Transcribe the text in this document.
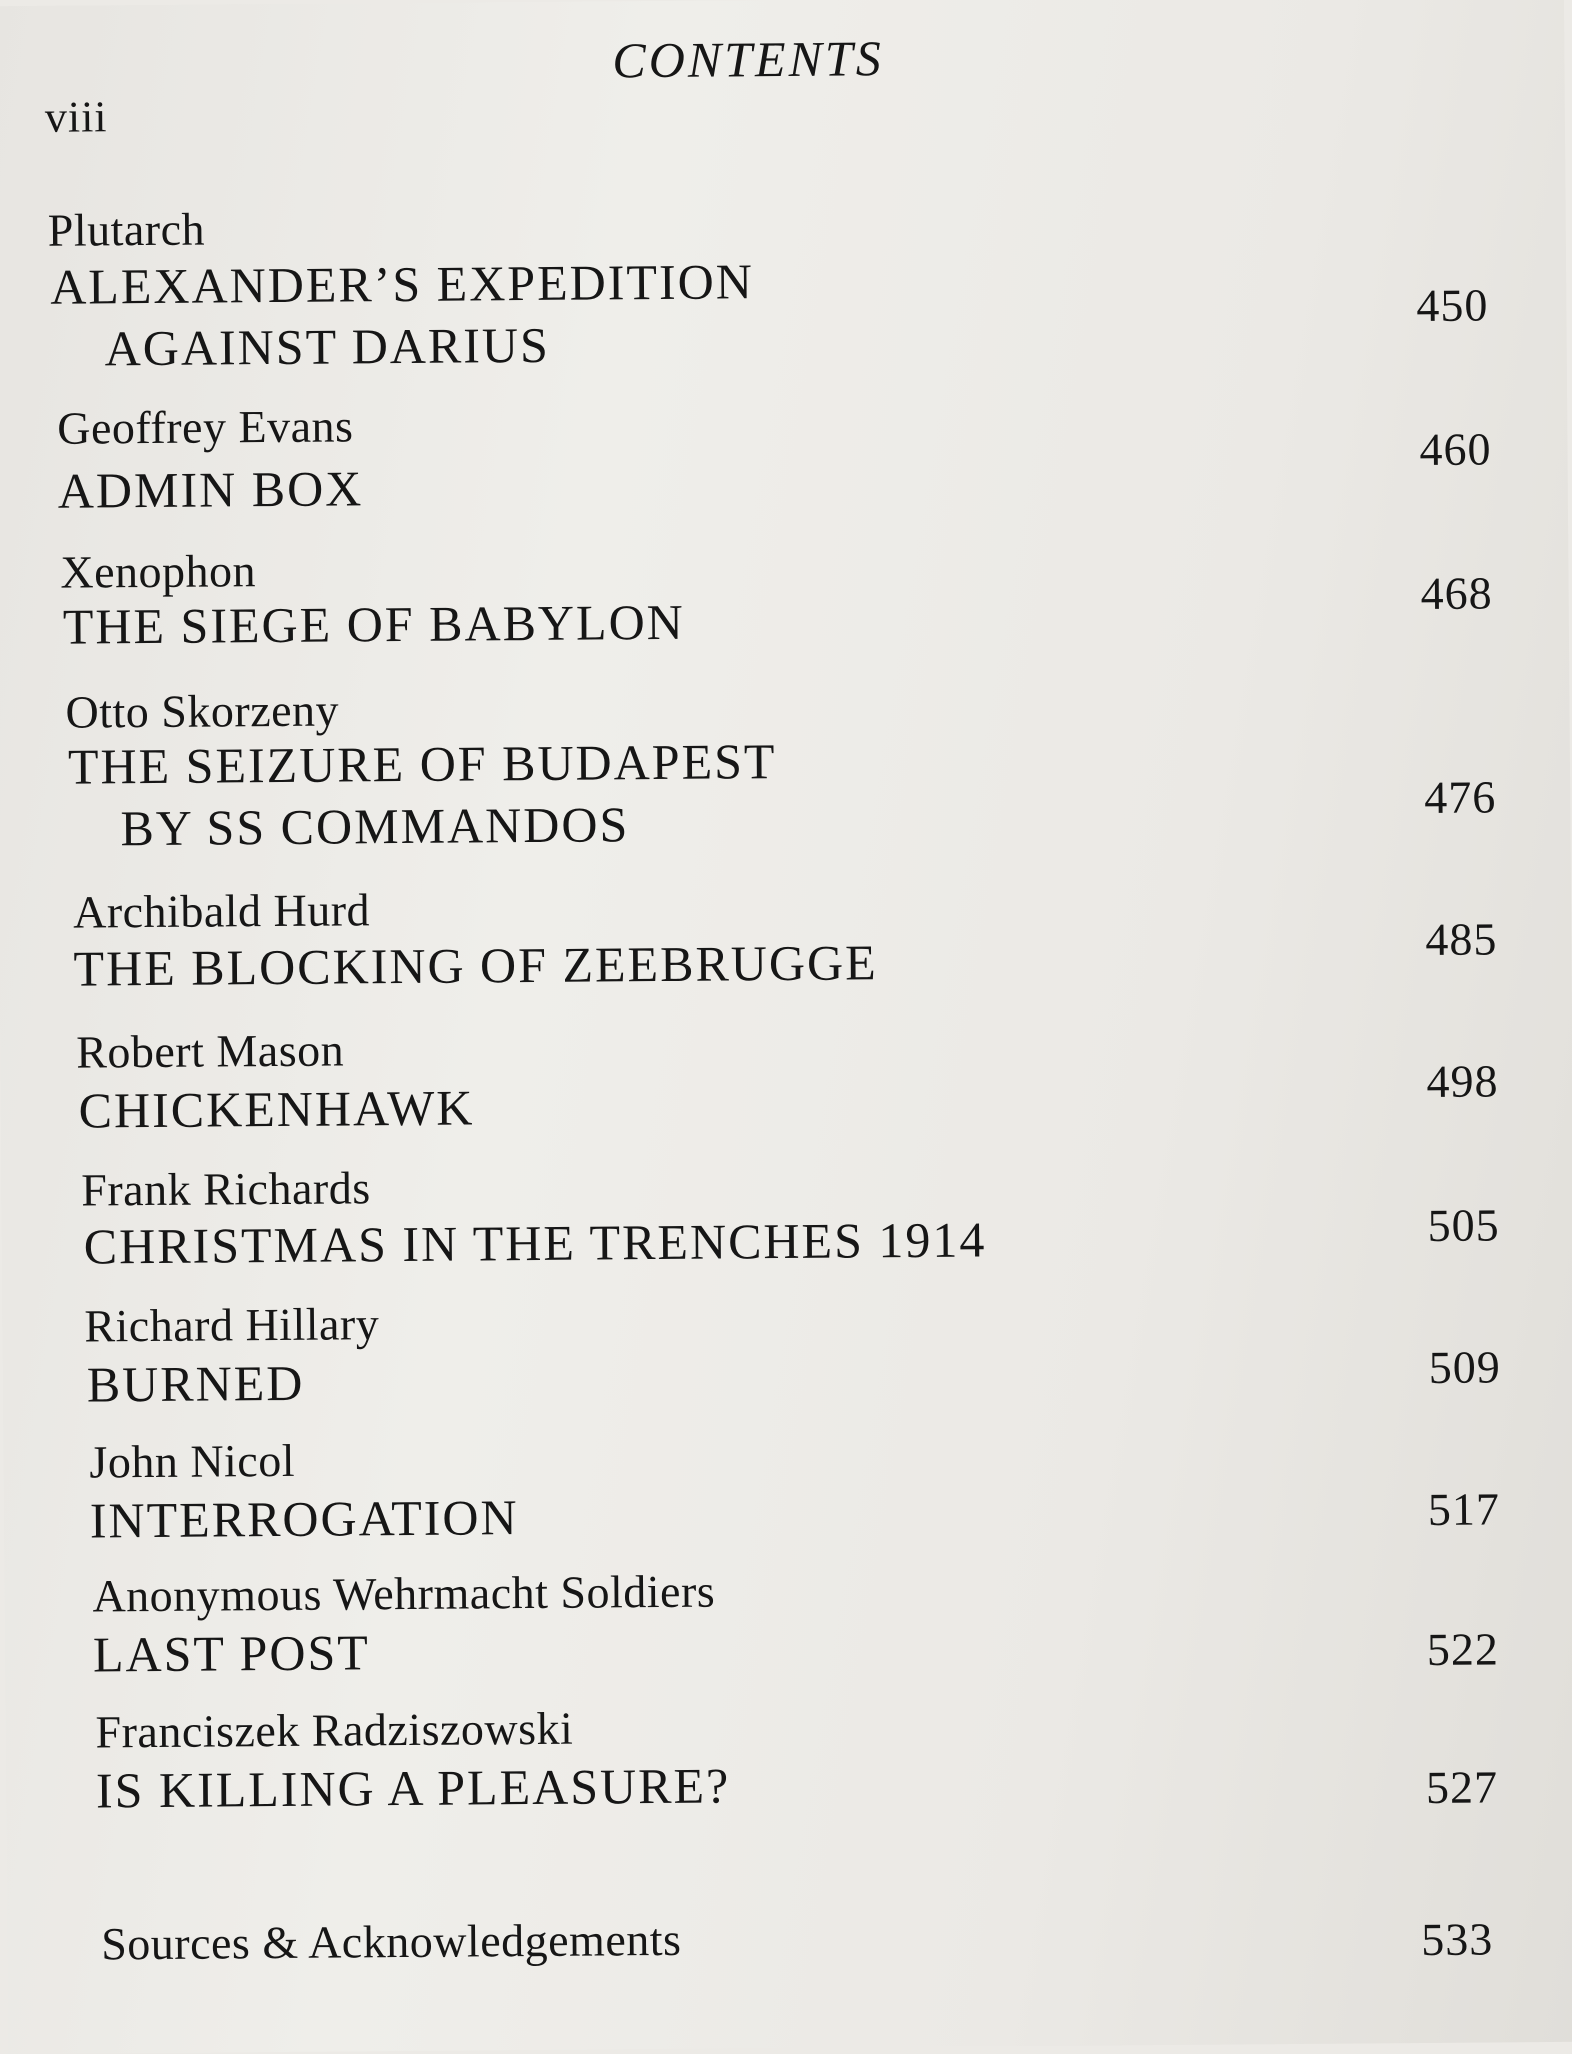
viii
CONTENTS
Plutarch
ALEXANDER’S EXPEDITION
AGAINST DARIUS
450
Geoffrey Evans
ADMIN BOX
460
Xenophon
THE SIEGE OF BABYLON
468
Otto Skorzeny
THE SEIZURE OF BUDAPEST
BY SS COMMANDOS	476
Archibald Hurd
THE BLOCKING OF ZEEBRUGGE	485
Robert Mason
CHICKENHAWK	498
Frank Richards
CHRISTMAS IN THE TRENCHES 1914	505
Richard Hillary
BURNED	509
John Nicol
INTERROGATION	517
Anonymous Wehrmacht Soldiers
LAST POST	522
Franciszek Radziszowski
IS KILLING A PLEASURE?	527
Sources & Acknowledgements	533
